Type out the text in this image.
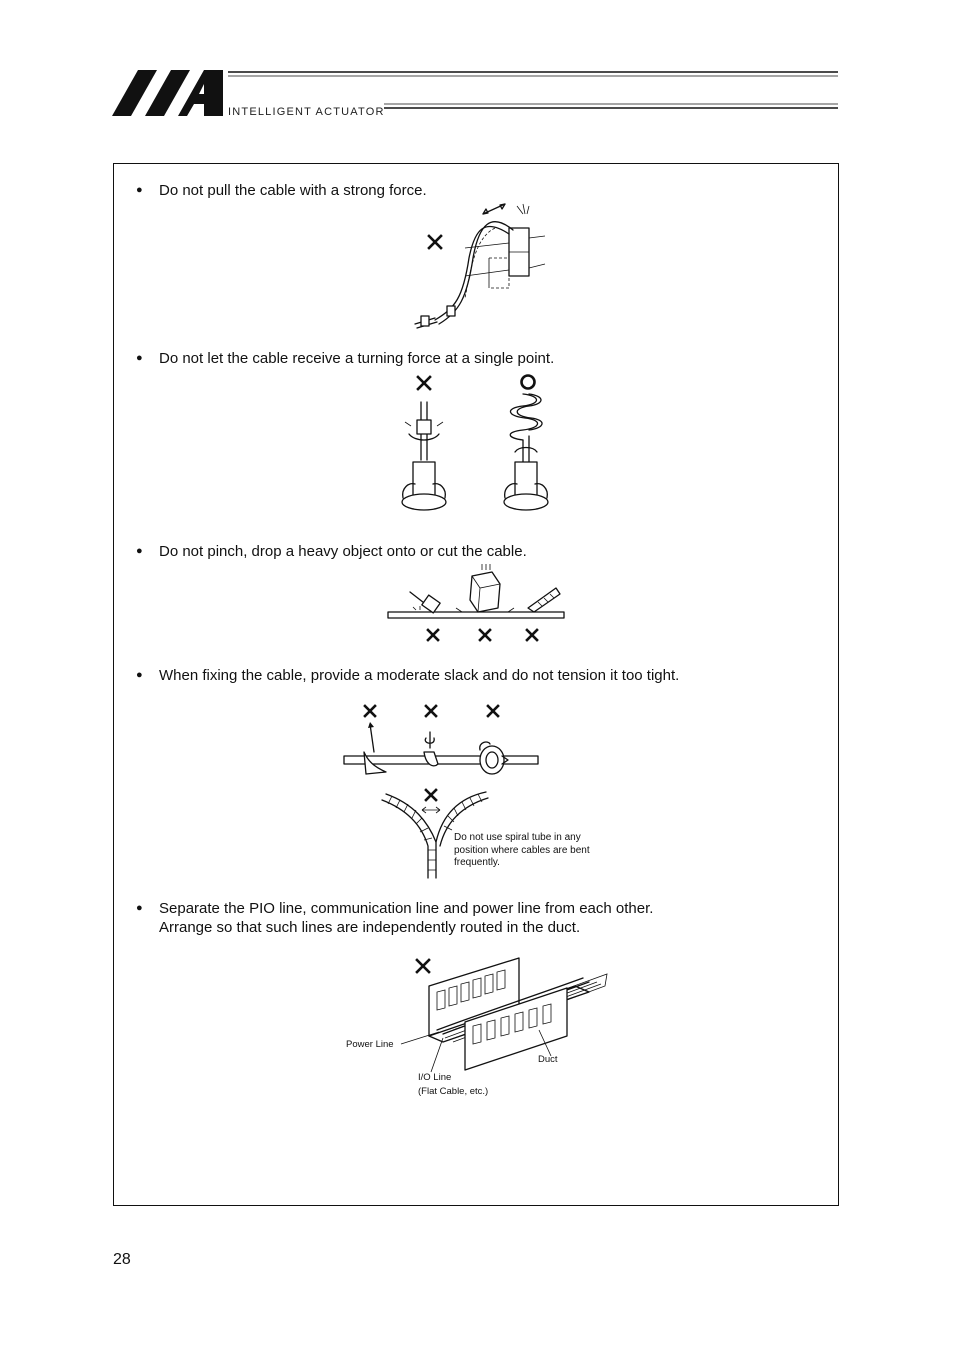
INTELLIGENT ACTUATOR
● Do not pull the cable with a strong force.
● Do not let the cable receive a turning force at a single point.
● Do not pinch, drop a heavy object onto or cut the cable.
● When fixing the cable, provide a moderate slack and do not tension it too tight.
Do not use spiral tube in any
position where cables are bent
frequently.
● Separate the PIO line, communication line and power line from each other.
Arrange so that such lines are independently routed in the duct.
Power Line
Duct
I/O Line
(Flat Cable, etc.)
28
